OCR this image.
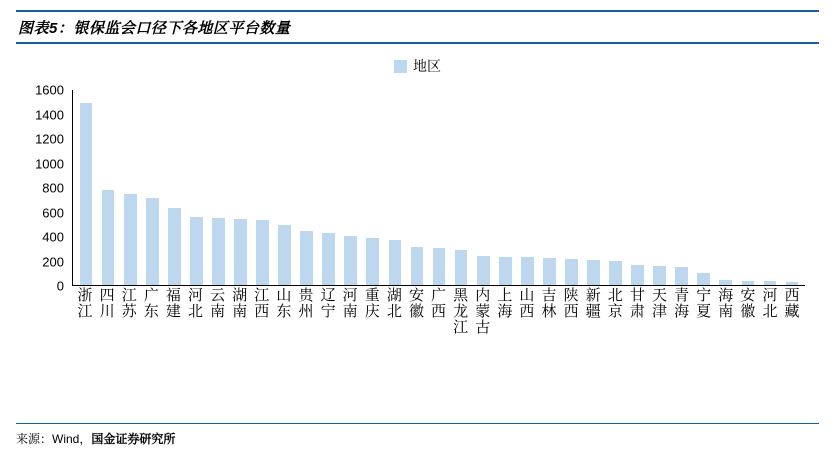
图表5：银保监会口径下各地区平台数量
地区
0
200
400
600
800
1000
1200
1400
1600
浙江
四川
江苏
广东
福建
河北
云南
湖南
江西
山东
贵州
辽宁
河南
重庆
湖北
安徽
广西
黑龙江
内蒙古
上海
山西
吉林
陕西
新疆
北京
甘肃
天津
青海
宁夏
海南
安徽
河北
西藏
来源：Wind，国金证券研究所
